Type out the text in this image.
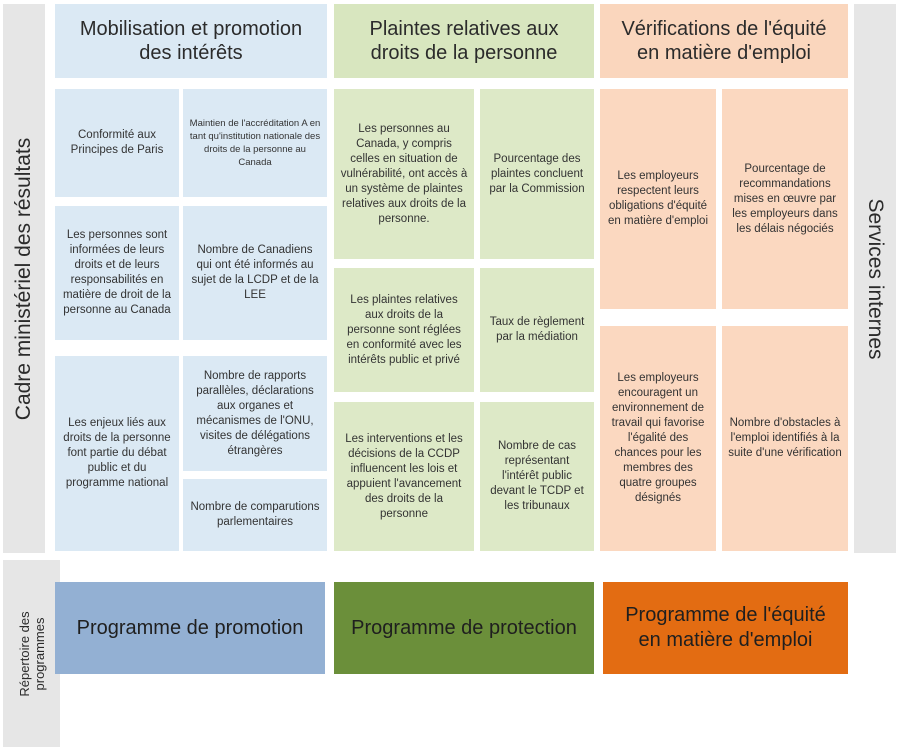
Cadre ministériel des résultats	Services internes
Répertoire des programmes
Mobilisation et promotion des intérêts
Conformité aux Principes de Paris
Maintien de l'accréditation A en tant qu'institution nationale des droits de la personne au Canada
Les personnes sont informées de leurs droits et de leurs responsabilités en matière de droit de la personne au Canada
Nombre de Canadiens qui ont été informés au sujet de la LCDP et de la LEE
Les enjeux liés aux droits de la personne font partie du débat public et du programme national
Nombre de rapports parallèles, déclarations aux organes et mécanismes de l'ONU, visites de délégations étrangères
Nombre de comparutions parlementaires
Plaintes relatives aux droits de la personne
Les personnes au Canada, y compris celles en situation de vulnérabilité, ont accès à un système de plaintes relatives aux droits de la personne.
Pourcentage des plaintes concluent par la Commission
Les plaintes relatives aux droits de la personne sont réglées en conformité avec les intérêts public et privé
Taux de règlement par la médiation
Les interventions et les décisions de la CCDP influencent les lois et appuient l'avancement des droits de la personne
Nombre de cas représentant l'intérêt public devant le TCDP et les tribunaux
Vérifications de l'équité en matière d'emploi
Les employeurs respectent leurs obligations d'équité en matière d'emploi
Pourcentage de recommandations mises en œuvre par les employeurs dans les délais négociés
Les employeurs encouragent un environnement de travail qui favorise l'égalité des chances pour les membres des quatre groupes désignés
Nombre d'obstacles à l'emploi identifiés à la suite d'une vérification
Programme de promotion	Programme de protection
Programme de l'équité en matière d'emploi
